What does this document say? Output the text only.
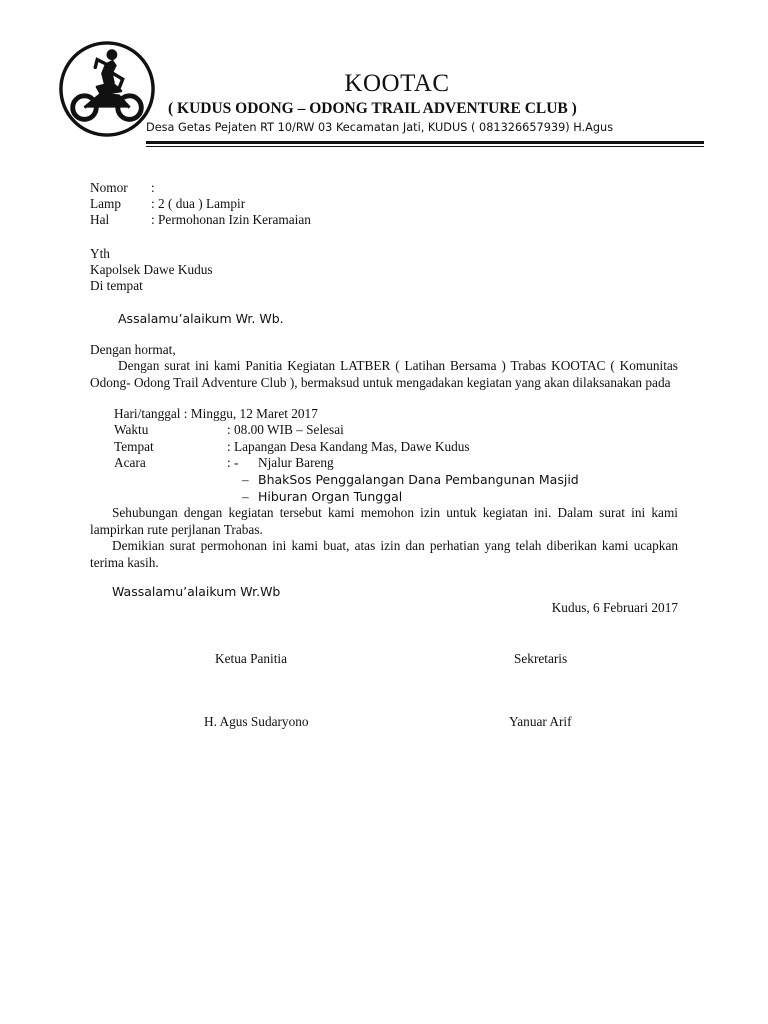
KOOTAC
( KUDUS ODONG – ODONG TRAIL ADVENTURE CLUB )
Desa Getas Pejaten RT 10/RW 03 Kecamatan Jati, KUDUS ( 081326657939) H.Agus
Nomor :
Lamp : 2 ( dua ) Lampir
Hal	: Permohonan Izin Keramaian
Yth
Kapolsek Dawe Kudus
Di tempat
Assalamu’alaikum Wr. Wb.
Dengan hormat,
Dengan surat ini kami Panitia Kegiatan LATBER ( Latihan Bersama ) Trabas KOOTAC ( Komunitas Odong- Odong Trail Adventure Club ), bermaksud untuk mengadakan kegiatan yang akan dilaksanakan pada
Hari/tanggal : Minggu, 12 Maret 2017
Waktu	: 08.00 WIB – Selesai
Tempat	: Lapangan Desa Kandang Mas, Dawe Kudus
Acara	: - Njalur Bareng
– BhakSos Penggalangan Dana Pembangunan Masjid
– Hiburan Organ Tunggal
Sehubungan dengan kegiatan tersebut kami memohon izin untuk kegiatan ini. Dalam surat ini kami lampirkan rute perjlanan Trabas.
Demikian surat permohonan ini kami buat, atas izin dan perhatian yang telah diberikan kami ucapkan terima kasih.
Wassalamu’alaikum Wr.Wb
Kudus, 6 Februari 2017
Ketua Panitia	Sekretaris
H. Agus Sudaryono	Yanuar Arif
